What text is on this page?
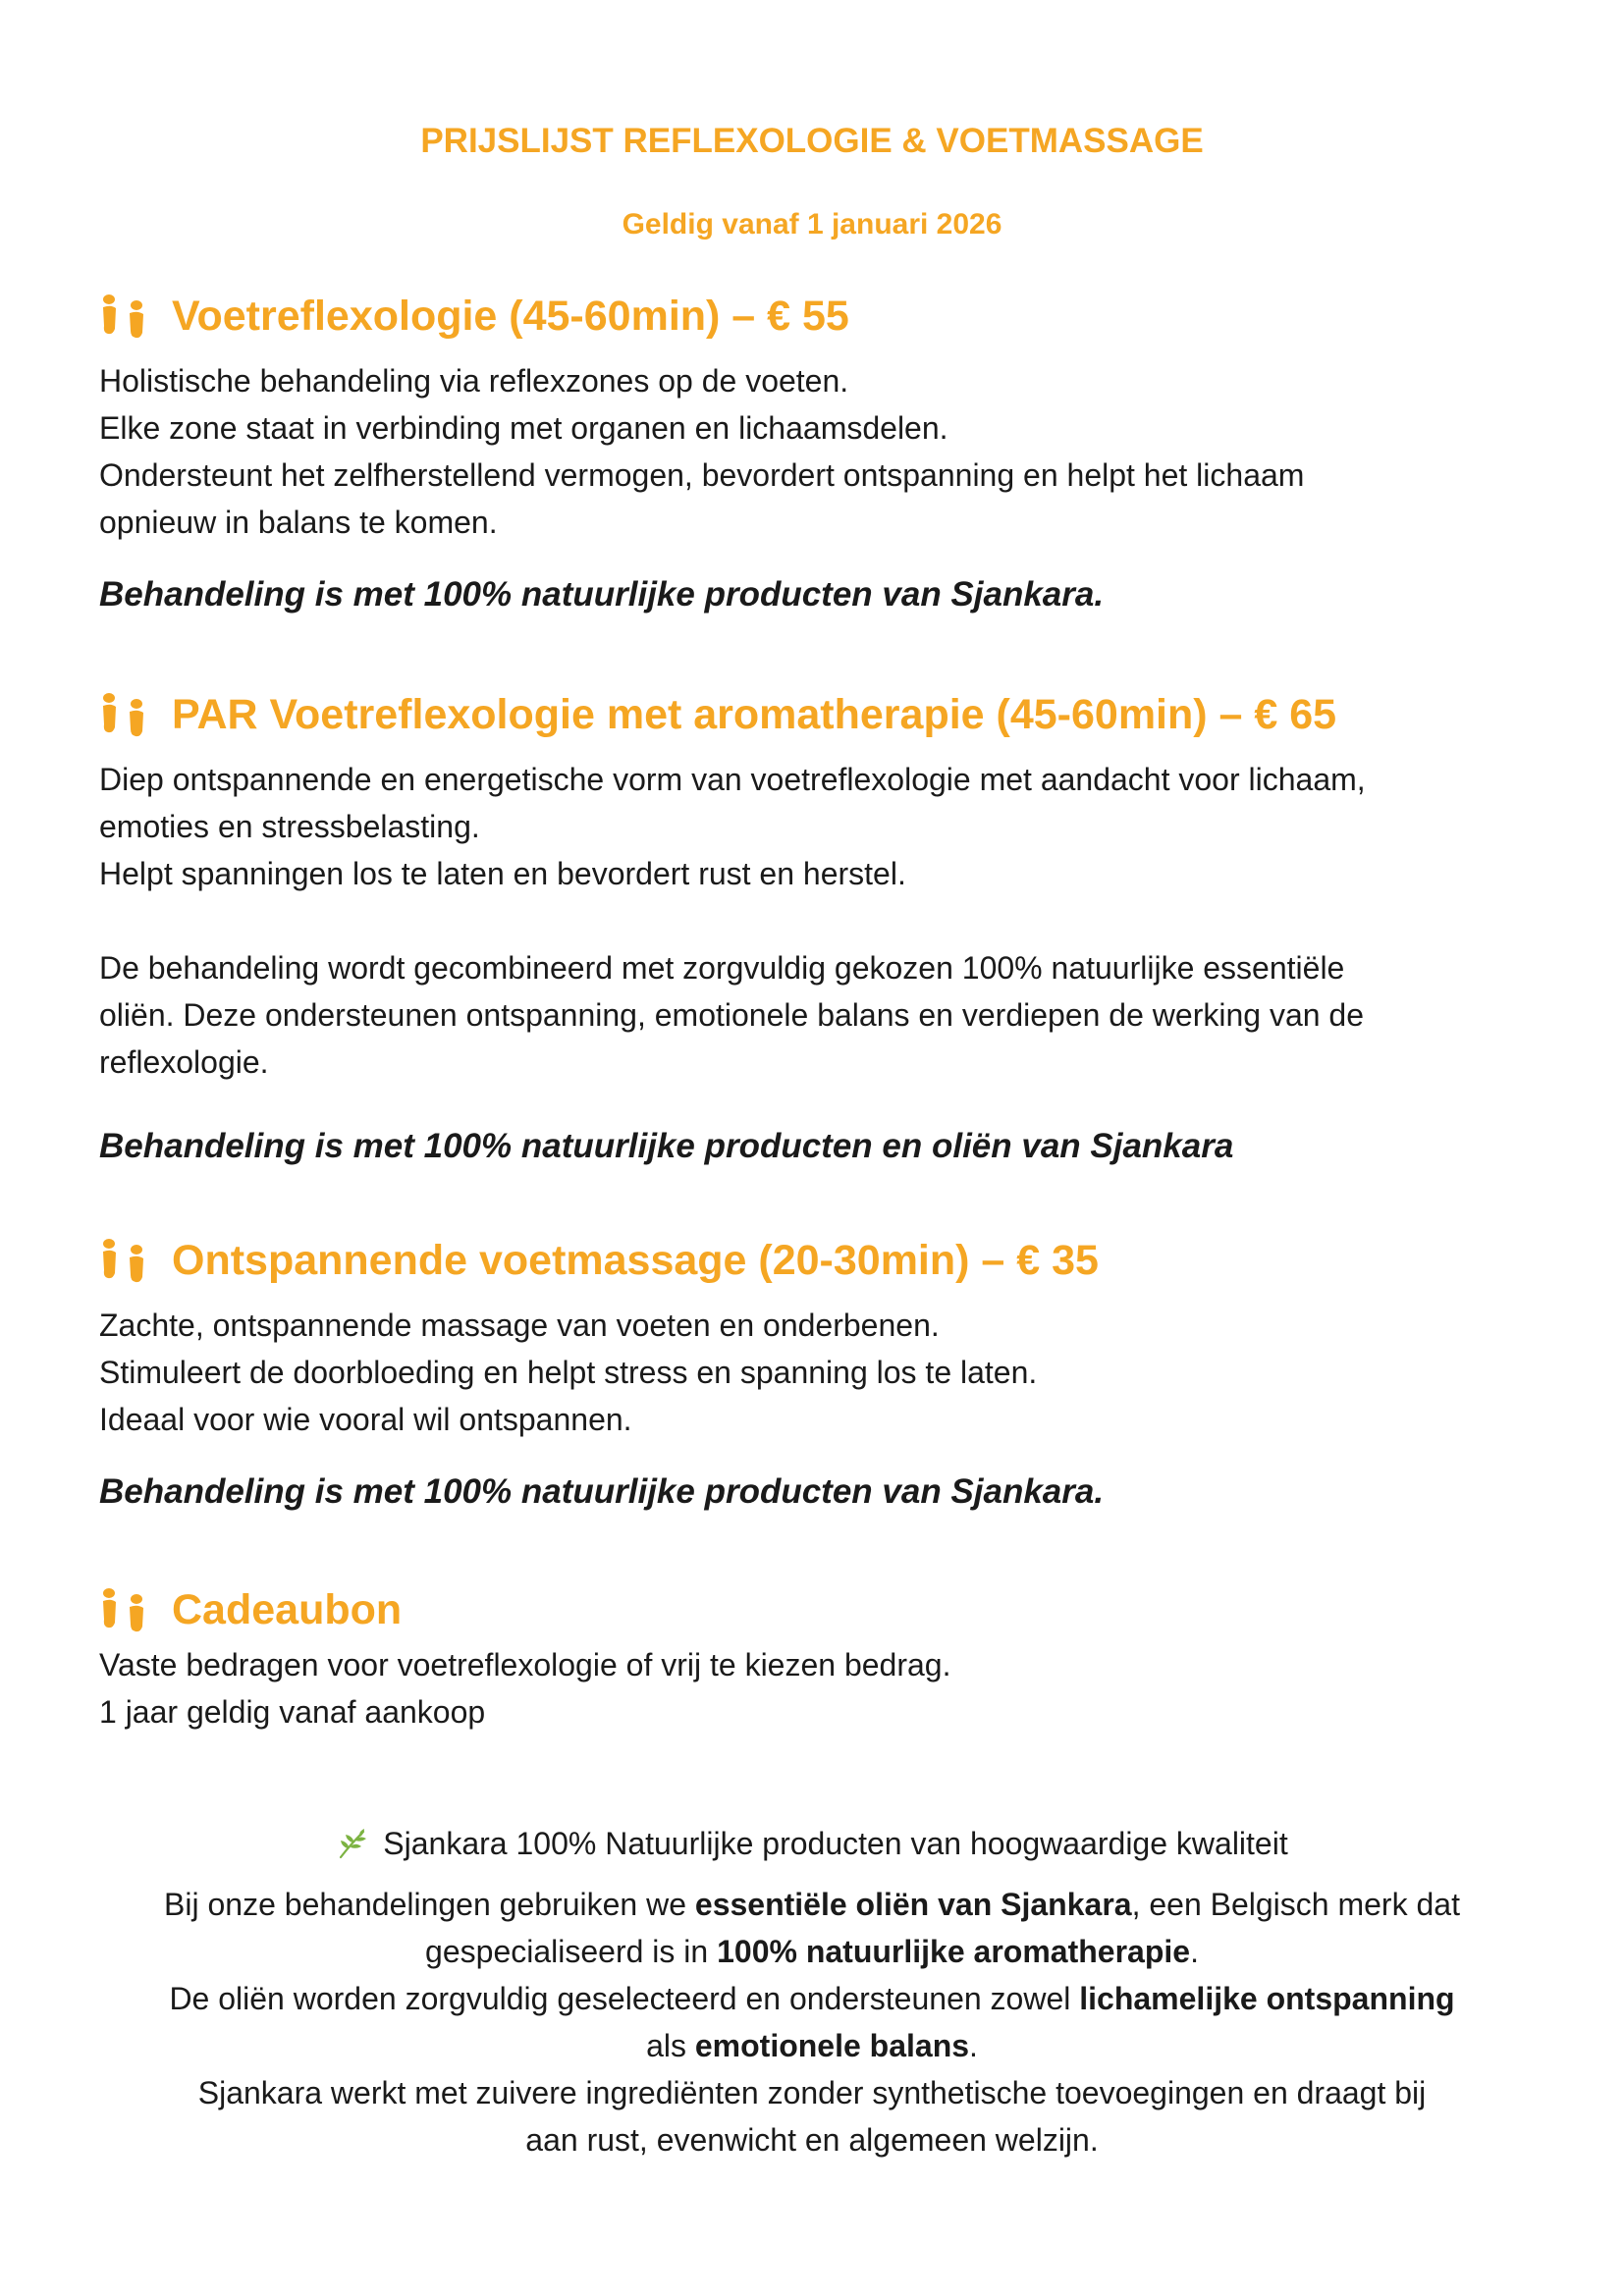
PRIJSLIJST REFLEXOLOGIE & VOETMASSAGE
Geldig vanaf 1 januari 2026
Voetreflexologie (45-60min) – € 55
Holistische behandeling via reflexzones op de voeten.
Elke zone staat in verbinding met organen en lichaamsdelen.
Ondersteunt het zelfherstellend vermogen, bevordert ontspanning en helpt het lichaam
opnieuw in balans te komen.
Behandeling is met 100% natuurlijke producten van Sjankara.
PAR Voetreflexologie met aromatherapie (45-60min) – € 65
Diep ontspannende en energetische vorm van voetreflexologie met aandacht voor lichaam,
emoties en stressbelasting.
Helpt spanningen los te laten en bevordert rust en herstel.
De behandeling wordt gecombineerd met zorgvuldig gekozen 100% natuurlijke essentiële
oliën. Deze ondersteunen ontspanning, emotionele balans en verdiepen de werking van de
reflexologie.
Behandeling is met 100% natuurlijke producten en oliën van Sjankara
Ontspannende voetmassage (20-30min) – € 35
Zachte, ontspannende massage van voeten en onderbenen.
Stimuleert de doorbloeding en helpt stress en spanning los te laten.
Ideaal voor wie vooral wil ontspannen.
Behandeling is met 100% natuurlijke producten van Sjankara.
Cadeaubon
Vaste bedragen voor voetreflexologie of vrij te kiezen bedrag.
1 jaar geldig vanaf aankoop
Sjankara 100% Natuurlijke producten van hoogwaardige kwaliteit
Bij onze behandelingen gebruiken we essentiële oliën van Sjankara, een Belgisch merk dat
gespecialiseerd is in 100% natuurlijke aromatherapie.
De oliën worden zorgvuldig geselecteerd en ondersteunen zowel lichamelijke ontspanning
als emotionele balans.
Sjankara werkt met zuivere ingrediënten zonder synthetische toevoegingen en draagt bij
aan rust, evenwicht en algemeen welzijn.
